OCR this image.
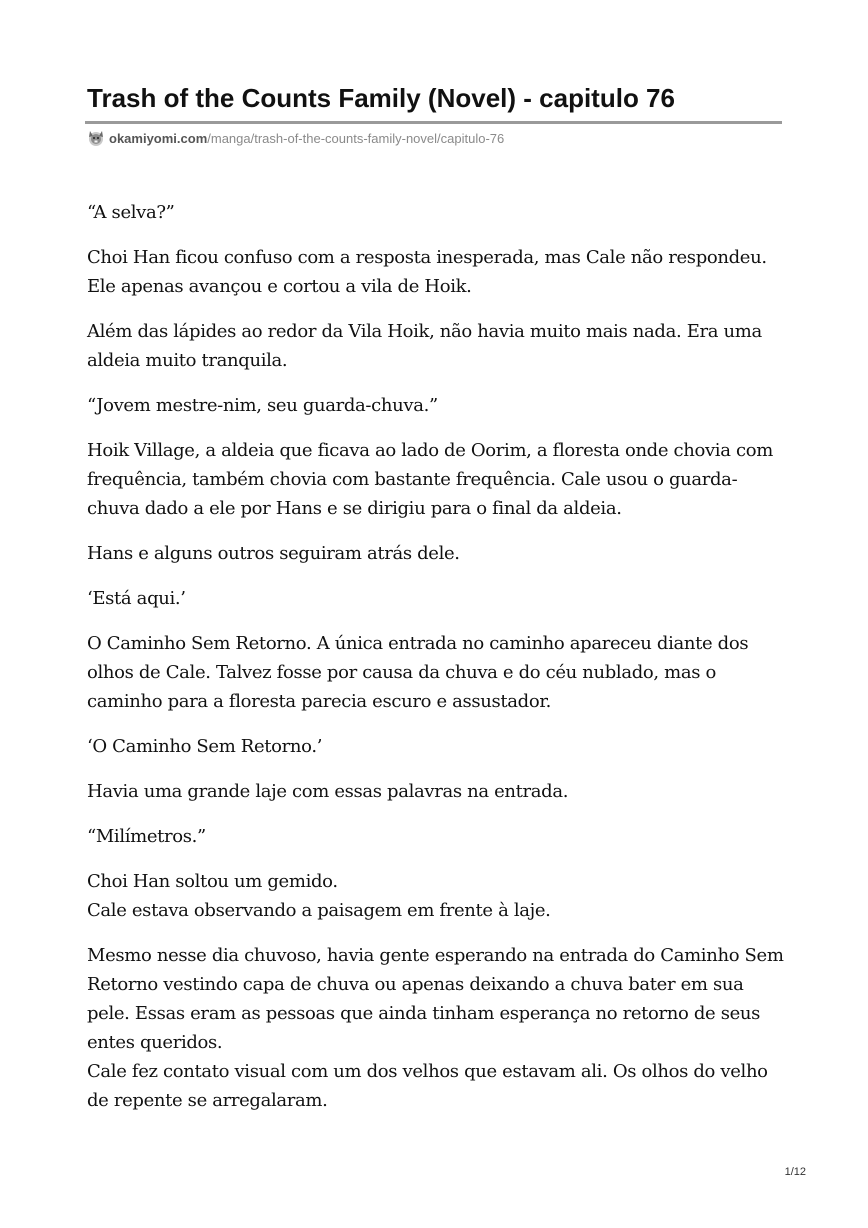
Trash of the Counts Family (Novel) - capitulo 76
okamiyomi.com /manga/trash-of-the-counts-family-novel/capitulo-76

“A selva?”

Choi Han ficou confuso com a resposta inesperada, mas Cale não respondeu. Ele apenas avançou e cortou a vila de Hoik.

Além das lápides ao redor da Vila Hoik, não havia muito mais nada. Era uma aldeia muito tranquila.

“Jovem mestre-nim, seu guarda-chuva.”

Hoik Village, a aldeia que ficava ao lado de Oorim, a floresta onde chovia com frequência, também chovia com bastante frequência. Cale usou o guarda-chuva dado a ele por Hans e se dirigiu para o final da aldeia.

Hans e alguns outros seguiram atrás dele.

‘Está aqui.’

O Caminho Sem Retorno. A única entrada no caminho apareceu diante dos olhos de Cale. Talvez fosse por causa da chuva e do céu nublado, mas o caminho para a floresta parecia escuro e assustador.

‘O Caminho Sem Retorno.’

Havia uma grande laje com essas palavras na entrada.

“Milímetros.”

Choi Han soltou um gemido.
Cale estava observando a paisagem em frente à laje.

Mesmo nesse dia chuvoso, havia gente esperando na entrada do Caminho Sem Retorno vestindo capa de chuva ou apenas deixando a chuva bater em sua pele. Essas eram as pessoas que ainda tinham esperança no retorno de seus entes queridos.
Cale fez contato visual com um dos velhos que estavam ali. Os olhos do velho de repente se arregalaram.

1/12
